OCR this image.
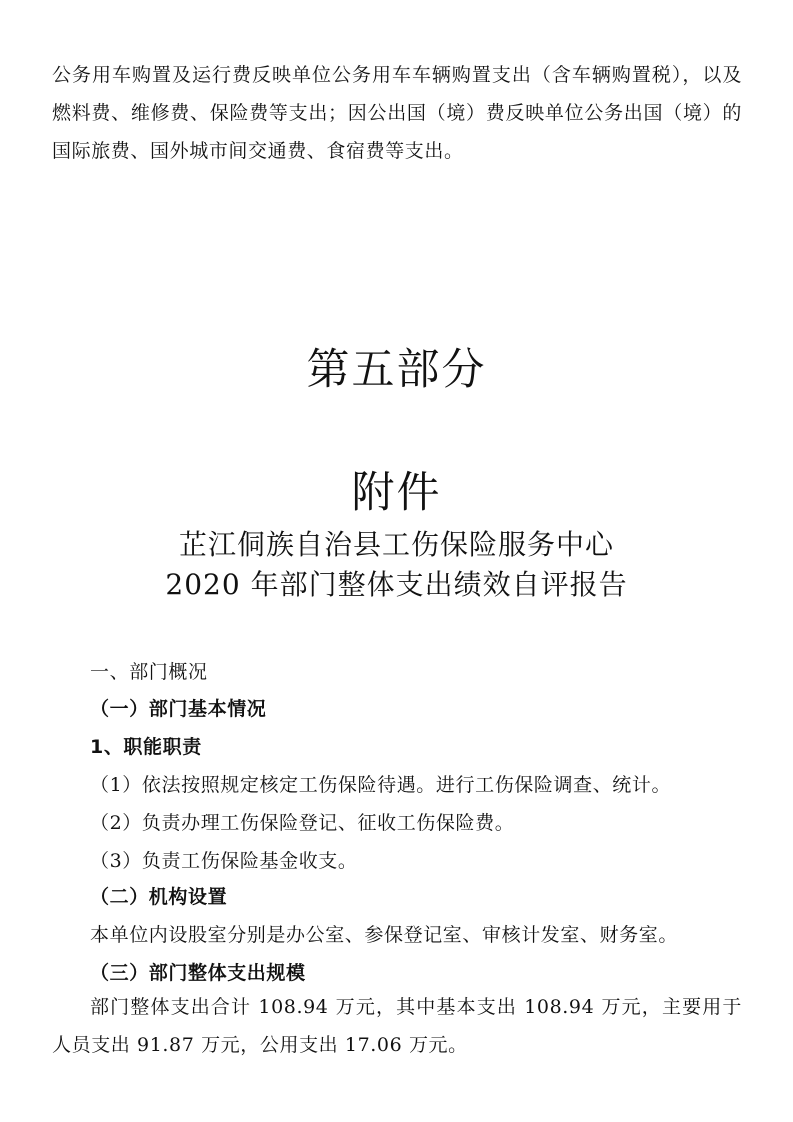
公务用车购置及运行费反映单位公务用车车辆购置支出（含车辆购置税），以及燃料费、维修费、保险费等支出；因公出国（境）费反映单位公务出国（境）的国际旅费、国外城市间交通费、食宿费等支出。

第五部分
附件
芷江侗族自治县工伤保险服务中心
2020 年部门整体支出绩效自评报告

一、部门概况

（一）部门基本情况

1、职能职责

（1）依法按照规定核定工伤保险待遇。进行工伤保险调查、统计。

（2）负责办理工伤保险登记、征收工伤保险费。

（3）负责工伤保险基金收支。

（二）机构设置

本单位内设股室分别是办公室、参保登记室、审核计发室、财务室。

（三）部门整体支出规模

部门整体支出合计 108.94 万元，其中基本支出 108.94 万元，主要用于人员支出 91.87 万元，公用支出 17.06 万元。
